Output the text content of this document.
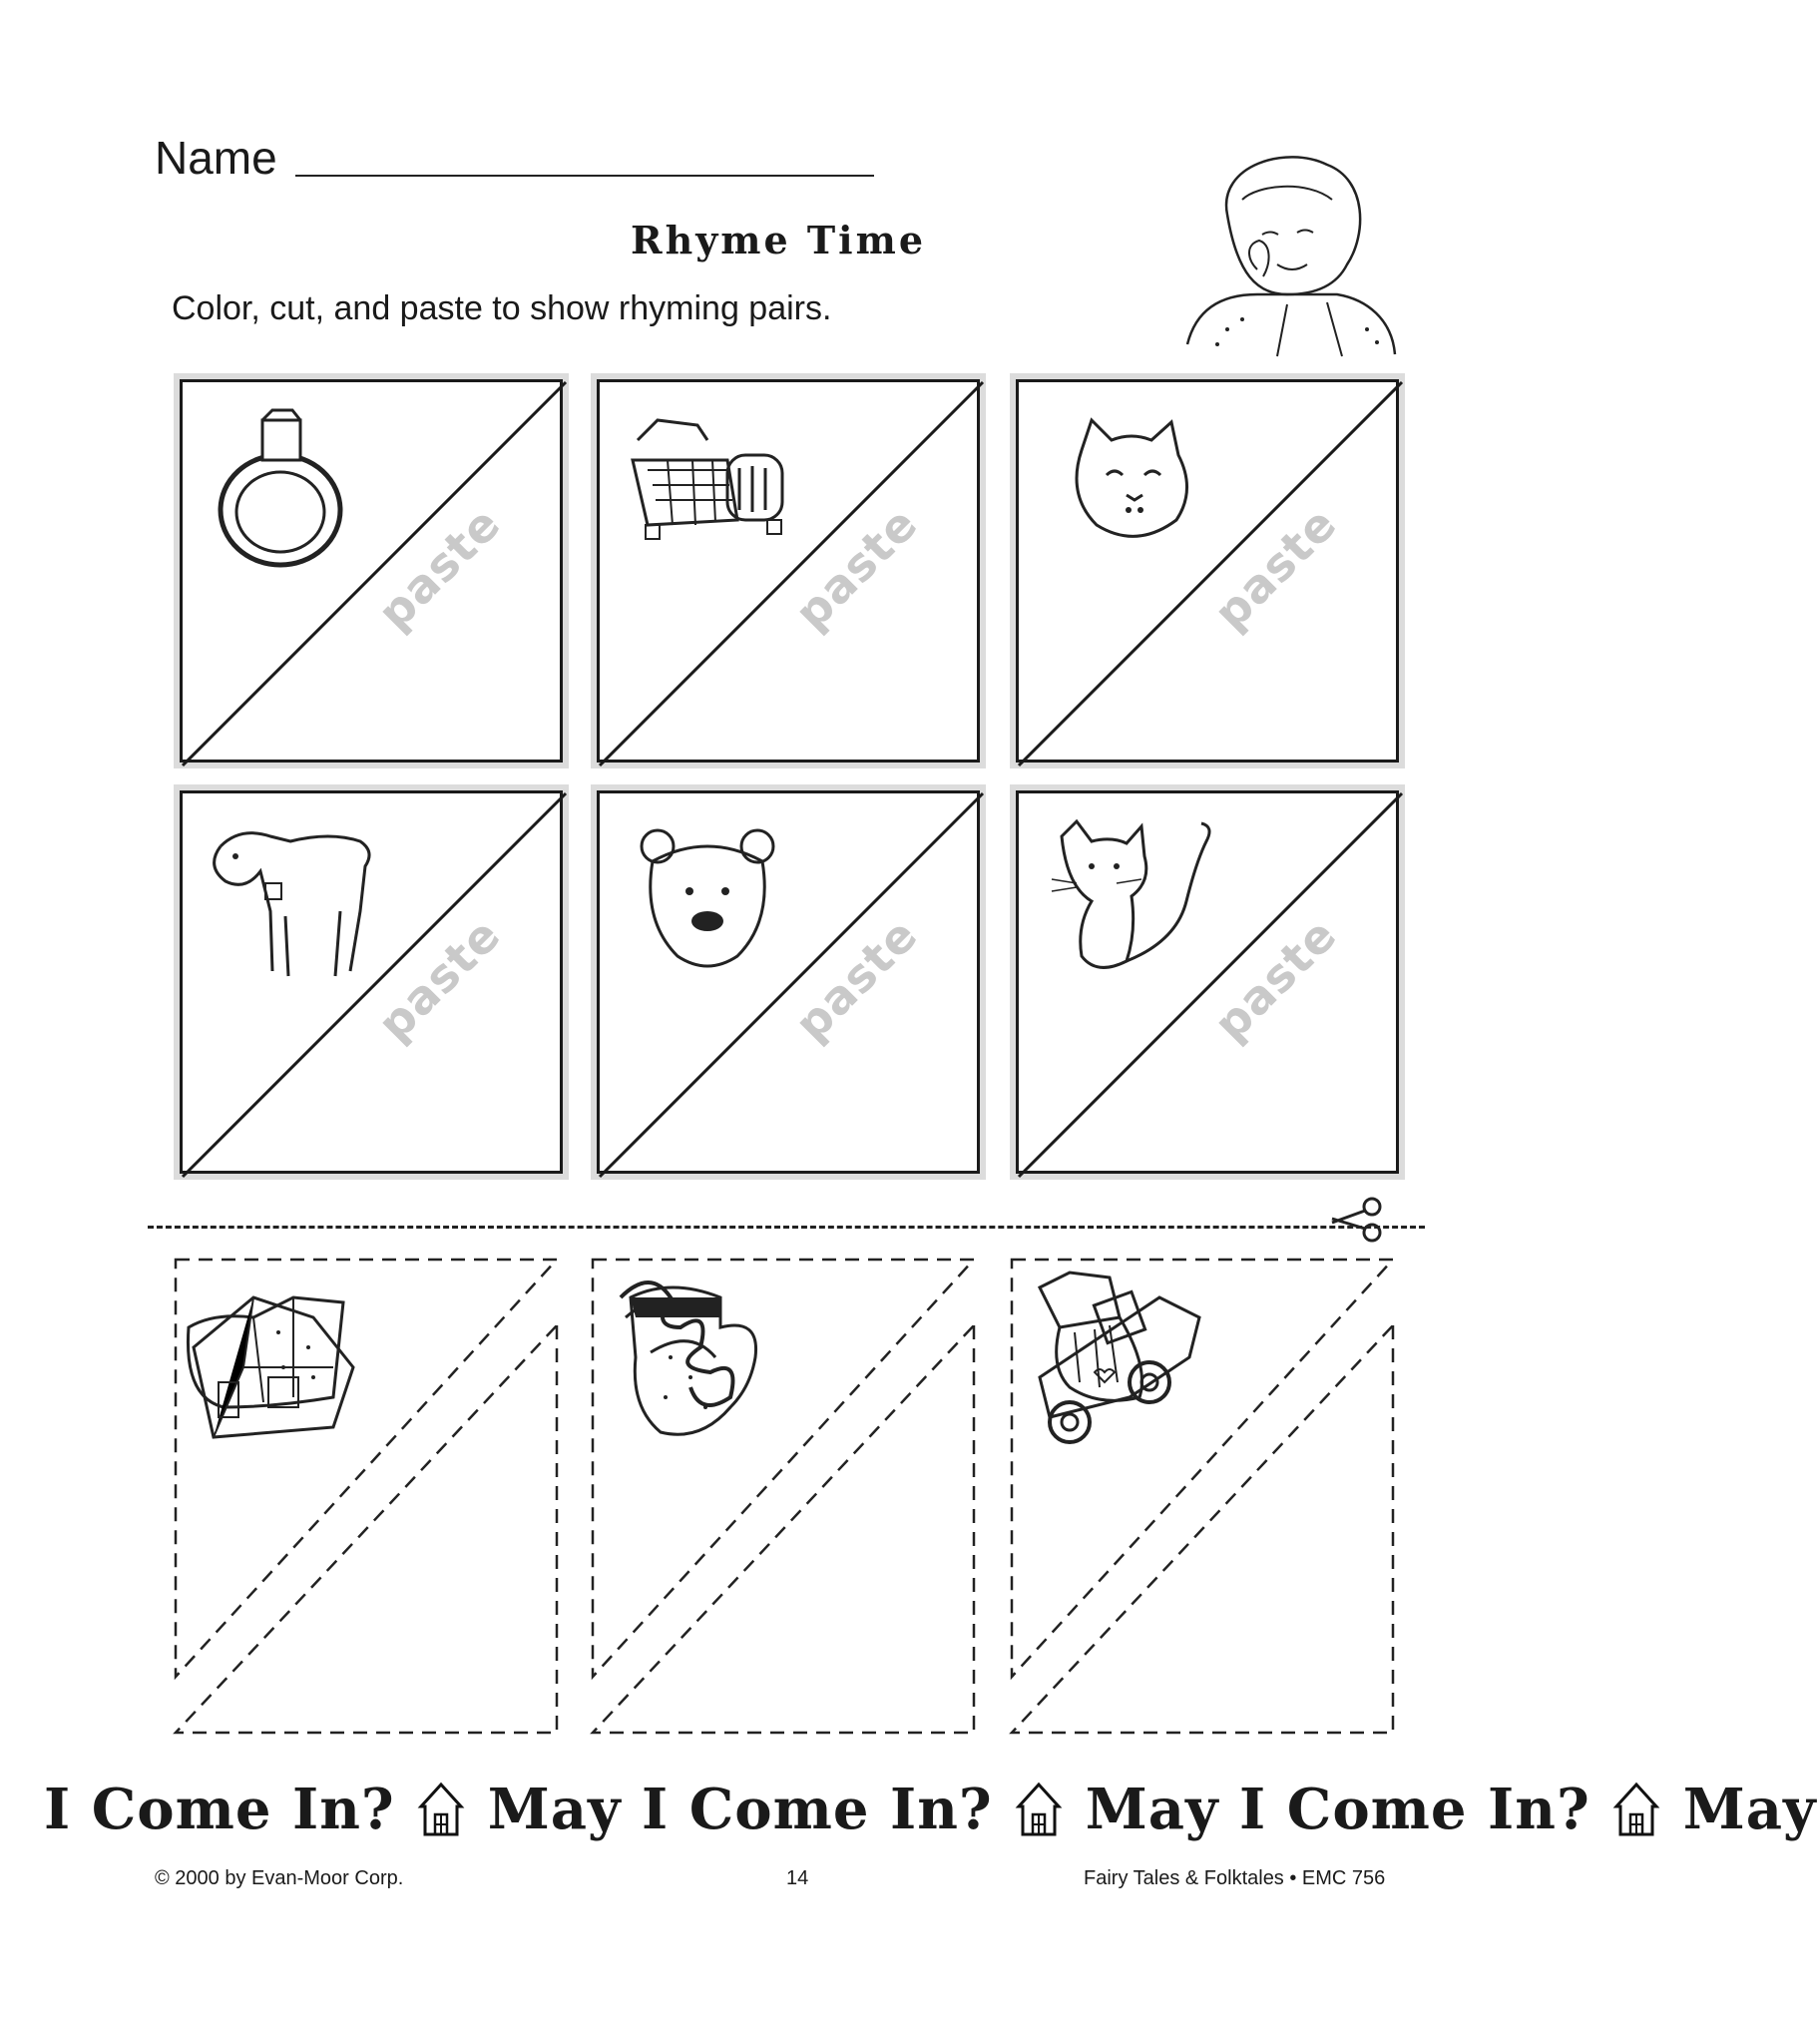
Name
Rhyme Time
Color, cut, and paste to show rhyming pairs.
paste	paste	paste
paste	paste	paste
I Come In? May I Come In? May I Come In? May
© 2000 by Evan-Moor Corp.	14	Fairy Tales & Folktales • EMC 756
